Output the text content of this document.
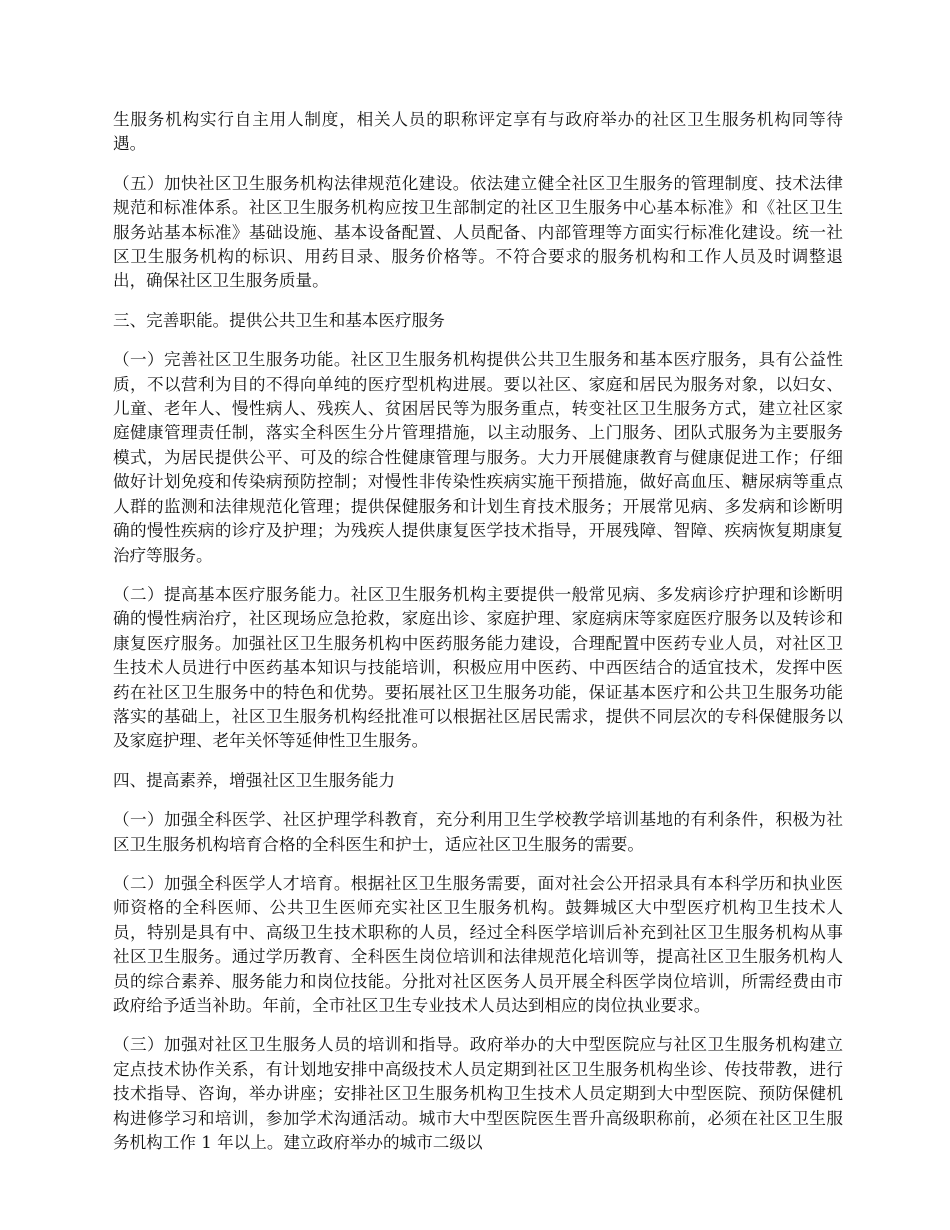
生服务机构实行自主用人制度，相关人员的职称评定享有与政府举办的社区卫生服务机构同等待遇。

（五）加快社区卫生服务机构法律规范化建设。依法建立健全社区卫生服务的管理制度、技术法律规范和标准体系。社区卫生服务机构应按卫生部制定的社区卫生服务中心基本标准》和《社区卫生服务站基本标准》基础设施、基本设备配置、人员配备、内部管理等方面实行标准化建设。统一社区卫生服务机构的标识、用药目录、服务价格等。不符合要求的服务机构和工作人员及时调整退出，确保社区卫生服务质量。

三、完善职能。提供公共卫生和基本医疗服务

（一）完善社区卫生服务功能。社区卫生服务机构提供公共卫生服务和基本医疗服务，具有公益性质，不以营利为目的不得向单纯的医疗型机构进展。要以社区、家庭和居民为服务对象，以妇女、儿童、老年人、慢性病人、残疾人、贫困居民等为服务重点，转变社区卫生服务方式，建立社区家庭健康管理责任制，落实全科医生分片管理措施，以主动服务、上门服务、团队式服务为主要服务模式，为居民提供公平、可及的综合性健康管理与服务。大力开展健康教育与健康促进工作；仔细做好计划免疫和传染病预防控制；对慢性非传染性疾病实施干预措施，做好高血压、糖尿病等重点人群的监测和法律规范化管理；提供保健服务和计划生育技术服务；开展常见病、多发病和诊断明确的慢性疾病的诊疗及护理；为残疾人提供康复医学技术指导，开展残障、智障、疾病恢复期康复治疗等服务。

（二）提高基本医疗服务能力。社区卫生服务机构主要提供一般常见病、多发病诊疗护理和诊断明确的慢性病治疗，社区现场应急抢救，家庭出诊、家庭护理、家庭病床等家庭医疗服务以及转诊和康复医疗服务。加强社区卫生服务机构中医药服务能力建设，合理配置中医药专业人员，对社区卫生技术人员进行中医药基本知识与技能培训，积极应用中医药、中西医结合的适宜技术，发挥中医药在社区卫生服务中的特色和优势。要拓展社区卫生服务功能，保证基本医疗和公共卫生服务功能落实的基础上，社区卫生服务机构经批准可以根据社区居民需求，提供不同层次的专科保健服务以及家庭护理、老年关怀等延伸性卫生服务。

四、提高素养，增强社区卫生服务能力

（一）加强全科医学、社区护理学科教育，充分利用卫生学校教学培训基地的有利条件，积极为社区卫生服务机构培育合格的全科医生和护士，适应社区卫生服务的需要。

（二）加强全科医学人才培育。根据社区卫生服务需要，面对社会公开招录具有本科学历和执业医师资格的全科医师、公共卫生医师充实社区卫生服务机构。鼓舞城区大中型医疗机构卫生技术人员，特别是具有中、高级卫生技术职称的人员，经过全科医学培训后补充到社区卫生服务机构从事社区卫生服务。通过学历教育、全科医生岗位培训和法律规范化培训等，提高社区卫生服务机构人员的综合素养、服务能力和岗位技能。分批对社区医务人员开展全科医学岗位培训，所需经费由市政府给予适当补助。年前，全市社区卫生专业技术人员达到相应的岗位执业要求。

（三）加强对社区卫生服务人员的培训和指导。政府举办的大中型医院应与社区卫生服务机构建立定点技术协作关系，有计划地安排中高级技术人员定期到社区卫生服务机构坐诊、传技带教，进行技术指导、咨询，举办讲座；安排社区卫生服务机构卫生技术人员定期到大中型医院、预防保健机构进修学习和培训，参加学术沟通活动。城市大中型医院医生晋升高级职称前，必须在社区卫生服务机构工作 1 年以上。建立政府举办的城市二级以
